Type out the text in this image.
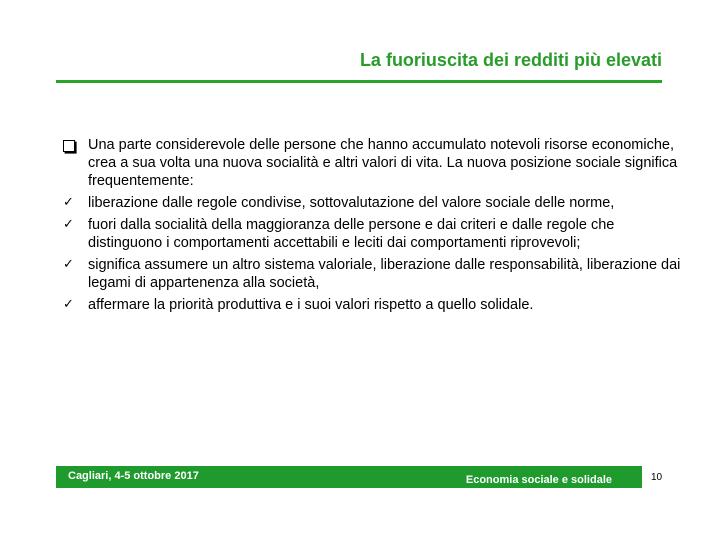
La fuoriuscita dei redditi più elevati
Una parte considerevole delle persone che hanno accumulato notevoli risorse economiche, crea a sua volta una nuova socialità e altri valori di vita. La nuova posizione sociale significa frequentemente:
✓ liberazione dalle regole condivise, sottovalutazione del valore sociale delle norme,
✓ fuori dalla socialità della maggioranza delle persone e dai criteri e dalle regole che distinguono i comportamenti accettabili e leciti dai comportamenti riprovevoli;
✓ significa assumere un altro sistema valoriale, liberazione dalle responsabilità, liberazione dai legami di appartenenza alla società,
✓ affermare la priorità produttiva e i suoi valori rispetto a quello solidale.
Cagliari, 4-5 ottobre 2017	Economia sociale e solidale	10
